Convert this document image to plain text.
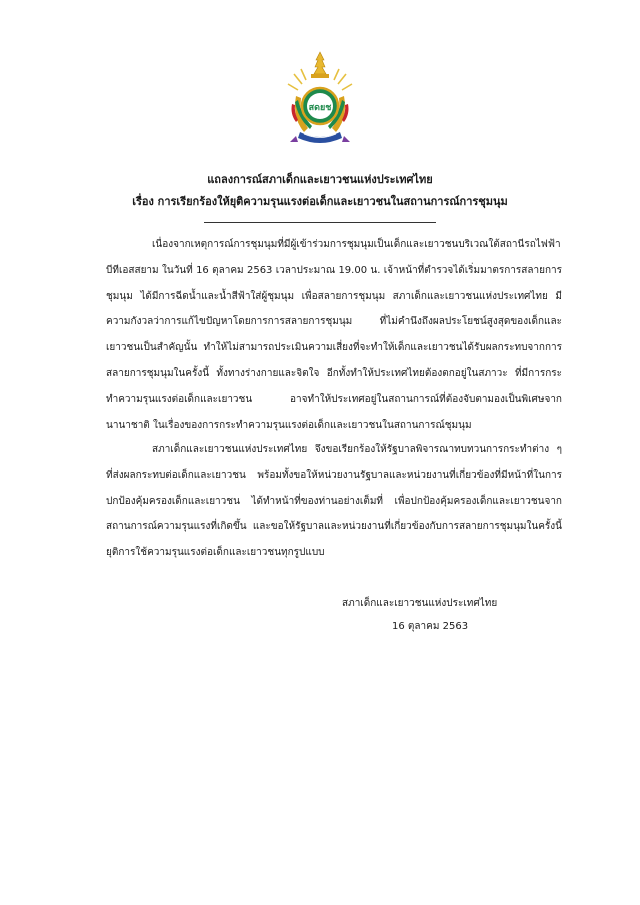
สดยช
แถลงการณ์สภาเด็กและเยาวชนแห่งประเทศไทย
เรื่อง การเรียกร้องให้ยุติความรุนแรงต่อเด็กและเยาวชนในสถานการณ์การชุมนุม

เนื่องจากเหตุการณ์การชุมนุมที่มีผู้เข้าร่วมการชุมนุมเป็นเด็กและเยาวชนบริเวณใต้สถานีรถไฟฟ้าบีทีเอสสยาม ในวันที่ 16 ตุลาคม 2563 เวลาประมาณ 19.00 น. เจ้าหน้าที่ตำรวจได้เริ่มมาตรการสลายการชุมนุม ได้มีการฉีดน้ำและน้ำสีฟ้าใส่ผู้ชุมนุม เพื่อสลายการชุมนุม สภาเด็กและเยาวชนแห่งประเทศไทย มีความกังวลว่าการแก้ไขปัญหาโดยการการสลายการชุมนุม ที่ไม่คำนึงถึงผลประโยชน์สูงสุดของเด็กและเยาวชนเป็นสำคัญนั้น ทำให้ไม่สามารถประเมินความเสี่ยงที่จะทำให้เด็กและเยาวชนได้รับผลกระทบจากการสลายการชุมนุมในครั้งนี้ ทั้งทางร่างกายและจิตใจ อีกทั้งทำให้ประเทศไทยต้องตกอยู่ในสภาวะ ที่มีการกระทำความรุนแรงต่อเด็กและเยาวชน อาจทำให้ประเทศอยู่ในสถานการณ์ที่ต้องจับตามองเป็นพิเศษจากนานาชาติ ในเรื่องของการกระทำความรุนแรงต่อเด็กและเยาวชนในสถานการณ์ชุมนุม

สภาเด็กและเยาวชนแห่งประเทศไทย จึงขอเรียกร้องให้รัฐบาลพิจารณาทบทวนการกระทำต่าง ๆ ที่ส่งผลกระทบต่อเด็กและเยาวชน พร้อมทั้งขอให้หน่วยงานรัฐบาลและหน่วยงานที่เกี่ยวข้องที่มีหน้าที่ในการปกป้องคุ้มครองเด็กและเยาวชน ได้ทำหน้าที่ของท่านอย่างเต็มที่ เพื่อปกป้องคุ้มครองเด็กและเยาวชนจากสถานการณ์ความรุนแรงที่เกิดขึ้น และขอให้รัฐบาลและหน่วยงานที่เกี่ยวข้องกับการสลายการชุมนุมในครั้งนี้ ยุติการใช้ความรุนแรงต่อเด็กและเยาวชนทุกรูปแบบ

สภาเด็กและเยาวชนแห่งประเทศไทย
16 ตุลาคม 2563
